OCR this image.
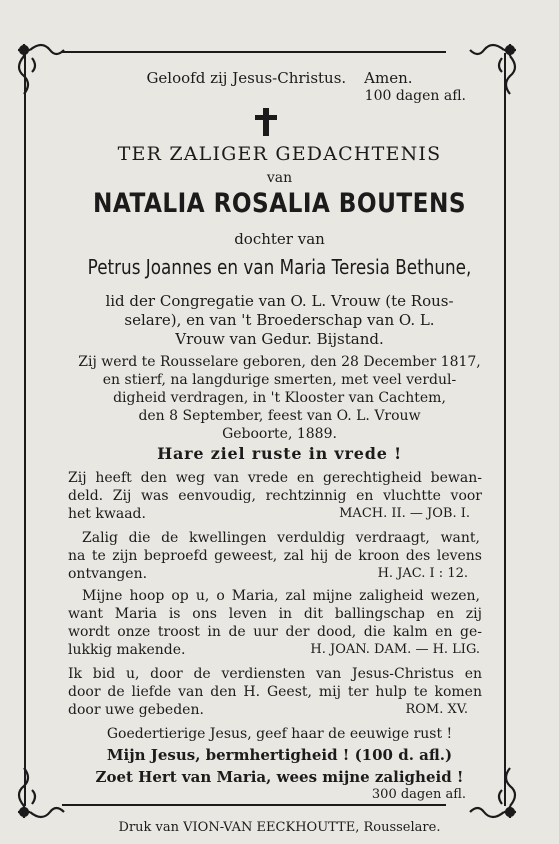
Geloofd zij Jesus-Christus. Amen.
100 dagen afl.
TER ZALIGER GEDACHTENIS
van
NATALIA ROSALIA BOUTENS
dochter van
Petrus Joannes en van Maria Teresia Bethune,
lid der Congregatie van O. L. Vrouw (te Rous-
selare), en van 't Broederschap van O. L.
Vrouw van Gedur. Bijstand.
Zij werd te Rousselare geboren, den 28 December 1817,
en stierf, na langdurige smerten, met veel verdul-
digheid verdragen, in 't Klooster van Cachtem,
den 8 September, feest van O. L. Vrouw
Geboorte, 1889.
Hare ziel ruste in vrede !
Zij heeft den weg van vrede en gerechtigheid bewan-
deld. Zij was eenvoudig, rechtzinnig en vluchtte voor
het kwaad.	MACH. II. — JOB. I.
Zalig die de kwellingen verduldig verdraagt, want,
na te zijn beproefd geweest, zal hij de kroon des levens
ontvangen.	H. JAC. I : 12.
Mijne hoop op u, o Maria, zal mijne zaligheid wezen,
want Maria is ons leven in dit ballingschap en zij
wordt onze troost in de uur der dood, die kalm en ge-
lukkig makende.	H. JOAN. DAM. — H. LIG.
Ik bid u, door de verdiensten van Jesus-Christus en
door de liefde van den H. Geest, mij ter hulp te komen
door uwe gebeden.	ROM. XV.
Goedertierige Jesus, geef haar de eeuwige rust !
Mijn Jesus, bermhertigheid ! (100 d. afl.)
Zoet Hert van Maria, wees mijne zaligheid !
300 dagen afl.
Druk van VION-VAN EECKHOUTTE, Rousselare.
